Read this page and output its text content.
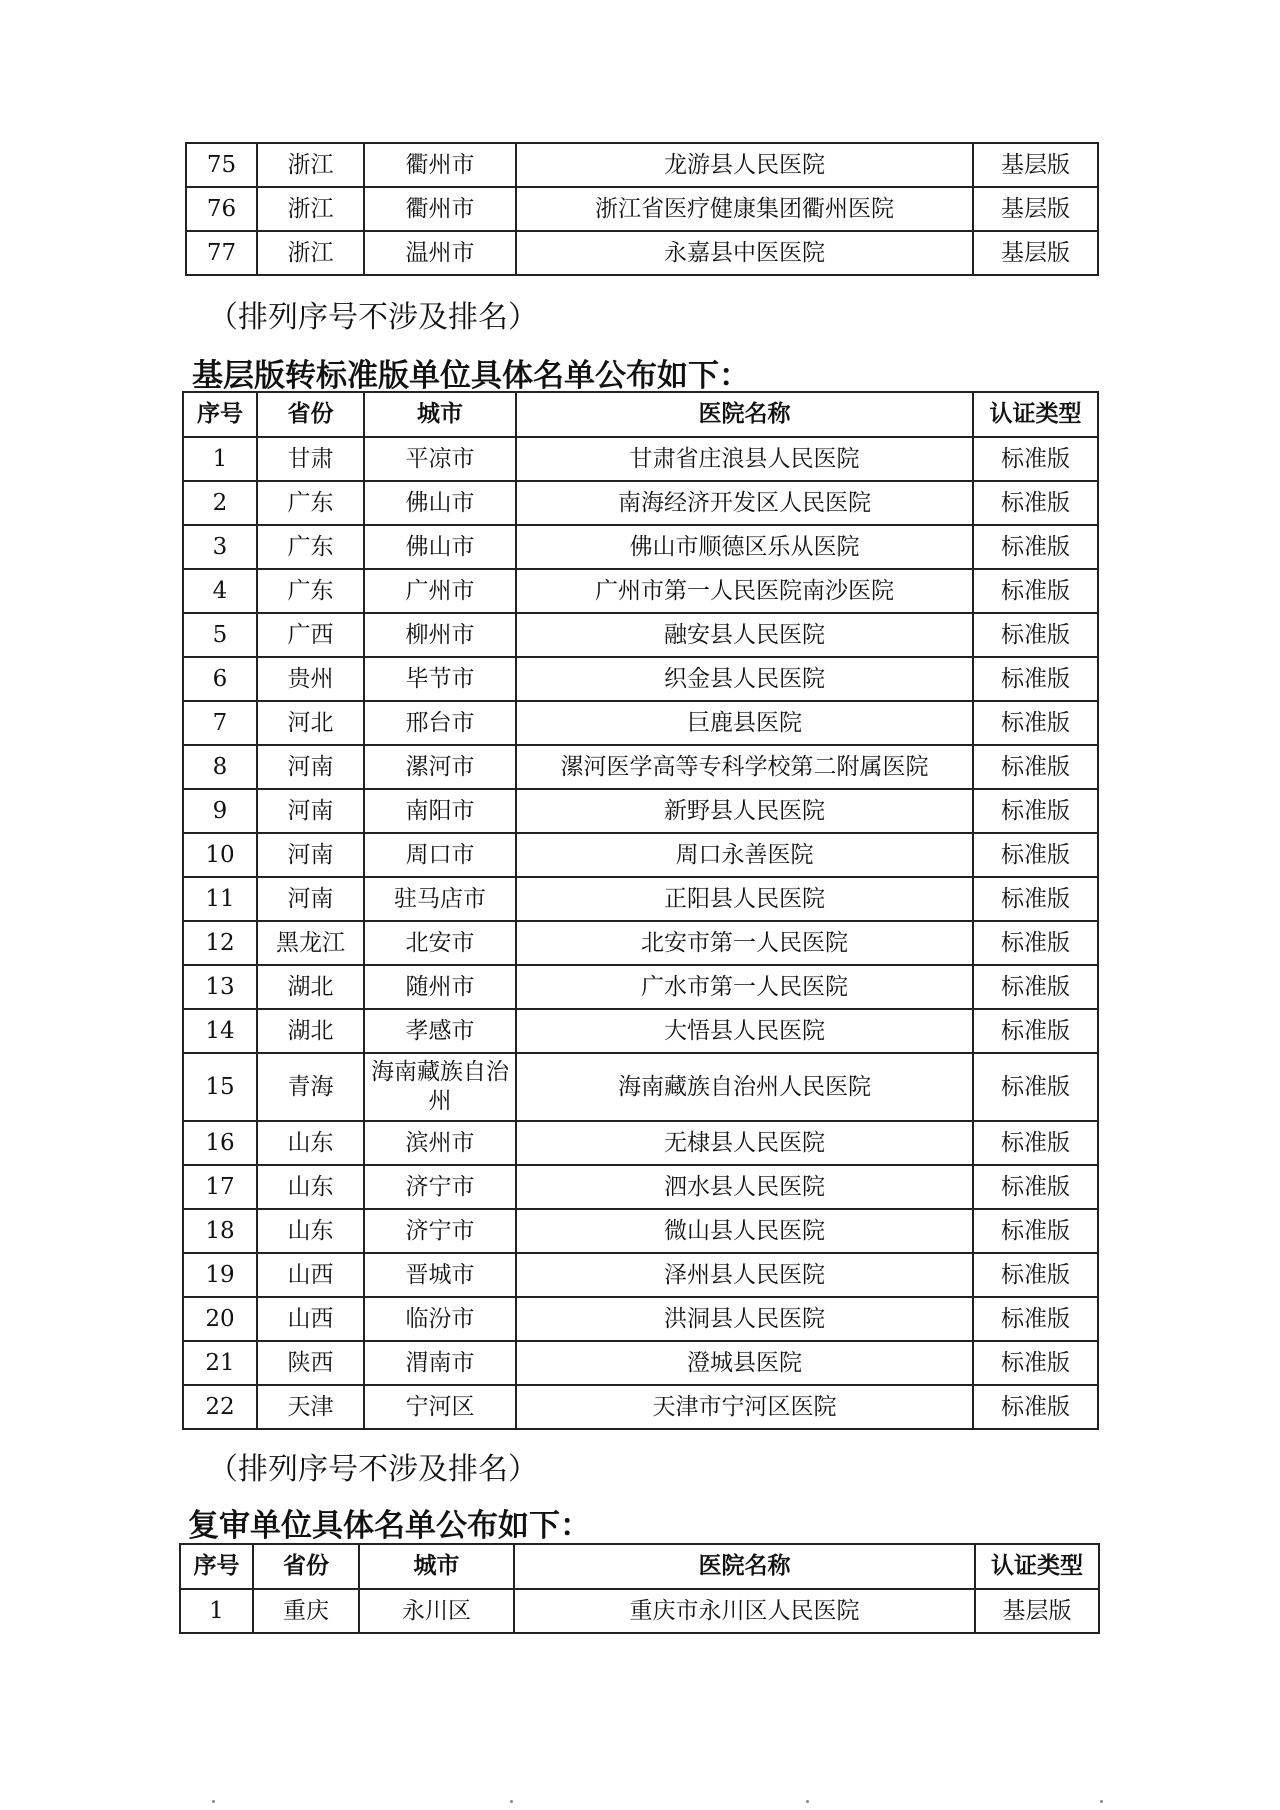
75	浙江	衢州市	龙游县人民医院	基层版
76	浙江	衢州市	浙江省医疗健康集团衢州医院	基层版
77	浙江	温州市	永嘉县中医医院	基层版
（排列序号不涉及排名）
基层版转标准版单位具体名单公布如下：
序号	省份	城市	医院名称	认证类型
1	甘肃	平凉市	甘肃省庄浪县人民医院	标准版
2	广东	佛山市	南海经济开发区人民医院	标准版
3	广东	佛山市	佛山市顺德区乐从医院	标准版
4	广东	广州市	广州市第一人民医院南沙医院	标准版
5	广西	柳州市	融安县人民医院	标准版
6	贵州	毕节市	织金县人民医院	标准版
7	河北	邢台市	巨鹿县医院	标准版
8	河南	漯河市	漯河医学高等专科学校第二附属医院	标准版
9	河南	南阳市	新野县人民医院	标准版
10	河南	周口市	周口永善医院	标准版
11	河南	驻马店市	正阳县人民医院	标准版
12	黑龙江	北安市	北安市第一人民医院	标准版
13	湖北	随州市	广水市第一人民医院	标准版
14	湖北	孝感市	大悟县人民医院	标准版
15	青海	海南藏族自治州	海南藏族自治州人民医院	标准版
16	山东	滨州市	无棣县人民医院	标准版
17	山东	济宁市	泗水县人民医院	标准版
18	山东	济宁市	微山县人民医院	标准版
19	山西	晋城市	泽州县人民医院	标准版
20	山西	临汾市	洪洞县人民医院	标准版
21	陕西	渭南市	澄城县医院	标准版
22	天津	宁河区	天津市宁河区医院	标准版
（排列序号不涉及排名）
复审单位具体名单公布如下：
序号	省份	城市	医院名称	认证类型
1	重庆	永川区	重庆市永川区人民医院	基层版
